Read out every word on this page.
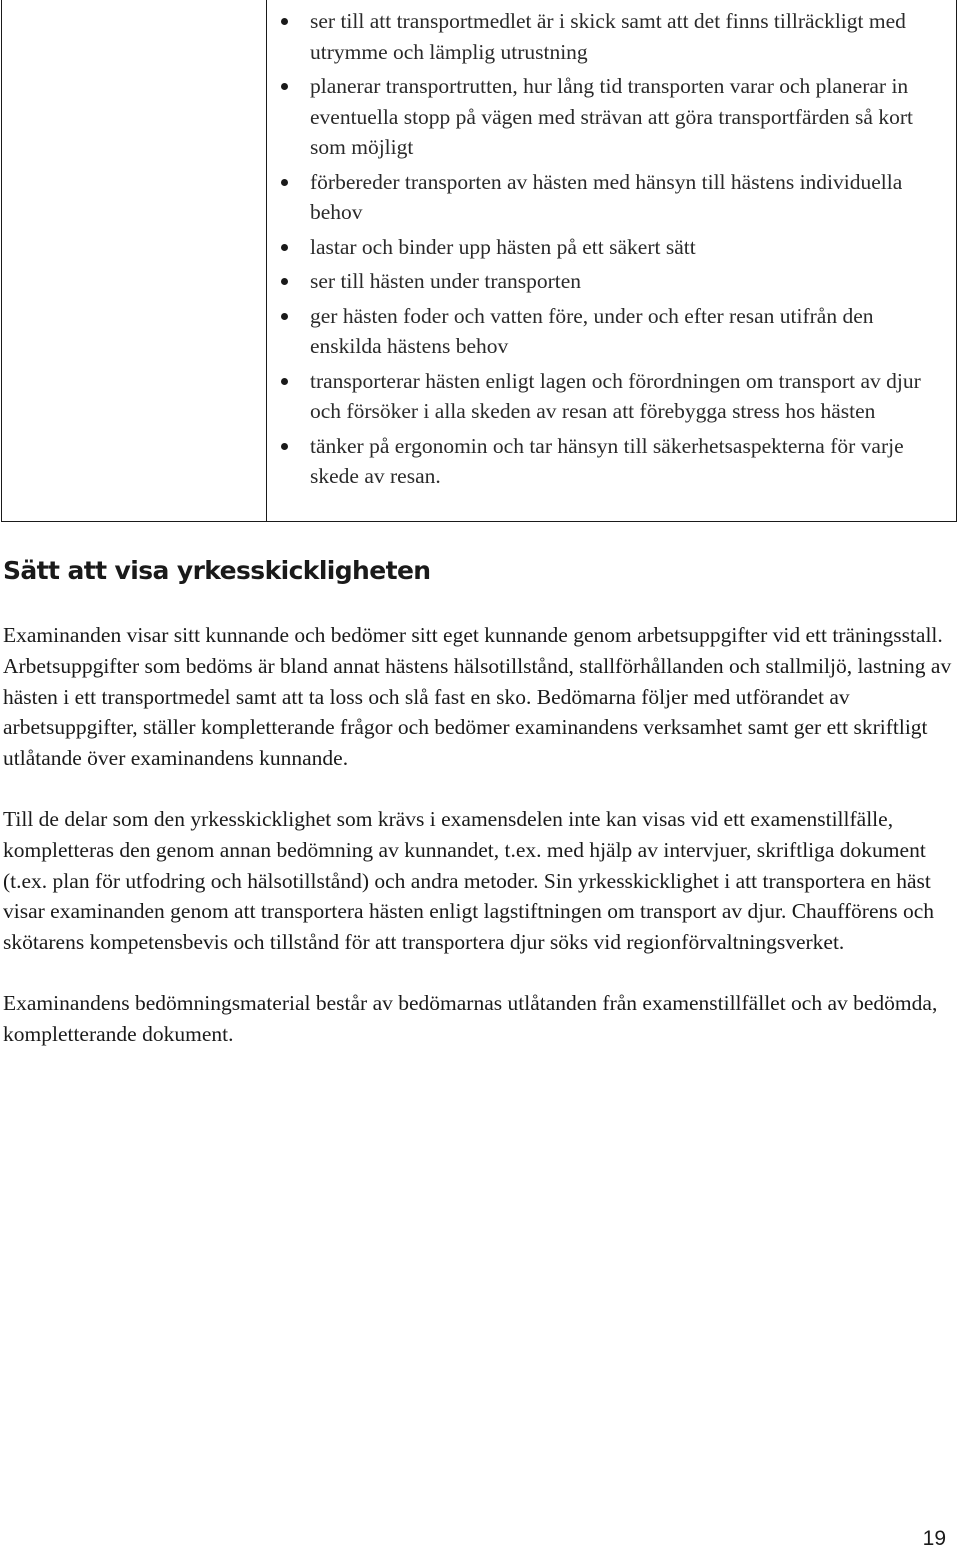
ser till att transportmedlet är i skick samt att det finns tillräckligt med utrymme och lämplig utrustning
planerar transportrutten, hur lång tid transporten varar och planerar in eventuella stopp på vägen med strävan att göra transportfärden så kort som möjligt
förbereder transporten av hästen med hänsyn till hästens individuella behov
lastar och binder upp hästen på ett säkert sätt
ser till hästen under transporten
ger hästen foder och vatten före, under och efter resan utifrån den enskilda hästens behov
transporterar hästen enligt lagen och förordningen om transport av djur och försöker i alla skeden av resan att förebygga stress hos hästen
tänker på ergonomin och tar hänsyn till säkerhetsaspekterna för varje skede av resan.
Sätt att visa yrkesskickligheten

Examinanden visar sitt kunnande och bedömer sitt eget kunnande genom arbetsuppgifter vid ett träningsstall. Arbetsuppgifter som bedöms är bland annat hästens hälsotillstånd, stallförhållanden och stallmiljö, lastning av hästen i ett transportmedel samt att ta loss och slå fast en sko. Bedömarna följer med utförandet av arbetsuppgifter, ställer kompletterande frågor och bedömer examinandens verksamhet samt ger ett skriftligt utlåtande över examinandens kunnande.

Till de delar som den yrkesskicklighet som krävs i examensdelen inte kan visas vid ett examenstillfälle, kompletteras den genom annan bedömning av kunnandet, t.ex. med hjälp av intervjuer, skriftliga dokument (t.ex. plan för utfodring och hälsotillstånd) och andra metoder. Sin yrkesskicklighet i att transportera en häst visar examinanden genom att transportera hästen enligt lagstiftningen om transport av djur. Chaufförens och skötarens kompetensbevis och tillstånd för att transportera djur söks vid regionförvaltningsverket.

Examinandens bedömningsmaterial består av bedömarnas utlåtanden från examenstillfället och av bedömda, kompletterande dokument.

19
